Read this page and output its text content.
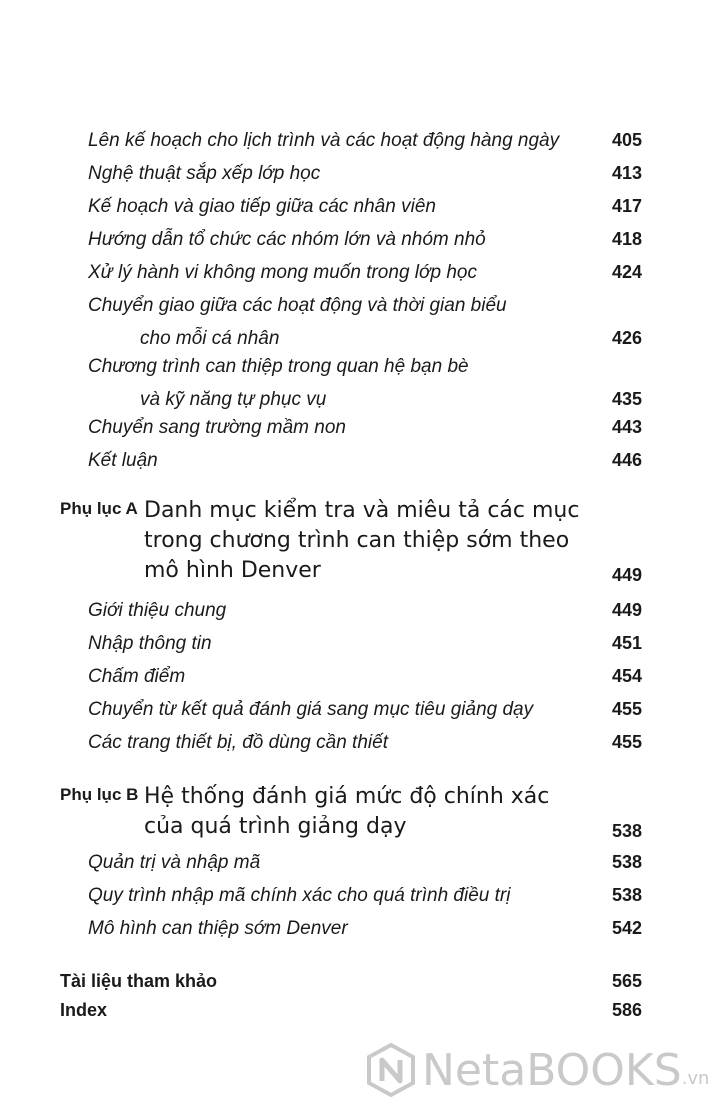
Lên kế hoạch cho lịch trình và các hoạt động hàng ngày	405
Nghệ thuật sắp xếp lớp học	413
Kế hoạch và giao tiếp giữa các nhân viên	417
Hướng dẫn tổ chức các nhóm lớn và nhóm nhỏ	418
Xử lý hành vi không mong muốn trong lớp học	424
Chuyển giao giữa các hoạt động và thời gian biểu
cho mỗi cá nhân	426
Chương trình can thiệp trong quan hệ bạn bè
và kỹ năng tự phục vụ	435
Chuyển sang trường mầm non	443
Kết luận	446
Phụ lục A Danh mục kiểm tra và miêu tả các mục
trong chương trình can thiệp sớm theo
mô hình Denver	449
Giới thiệu chung	449
Nhập thông tin	451
Chấm điểm	454
Chuyển từ kết quả đánh giá sang mục tiêu giảng dạy	455
Các trang thiết bị, đồ dùng cần thiết	455
Phụ lục B Hệ thống đánh giá mức độ chính xác
của quá trình giảng dạy	538
Quản trị và nhập mã	538
Quy trình nhập mã chính xác cho quá trình điều trị	538
Mô hình can thiệp sớm Denver	542
Tài liệu tham khảo	565
Index	586
NetaBOOKS .vn
